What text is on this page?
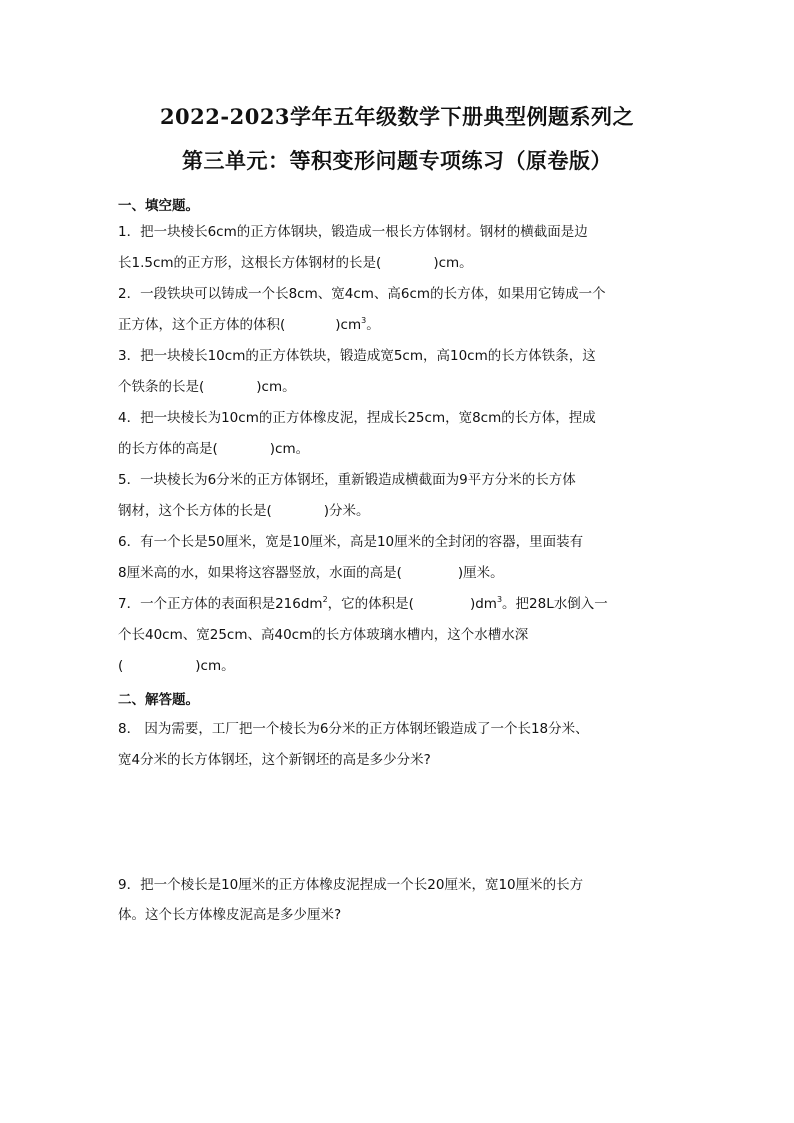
2022-2023学年五年级数学下册典型例题系列之
第三单元：等积变形问题专项练习（原卷版）
一、填空题。
1．把一块棱长6cm的正方体钢块，锻造成一根长方体钢材。钢材的横截面是边
长1.5cm的正方形，这根长方体钢材的长是(	)cm。
2．一段铁块可以铸成一个长8cm、宽4cm、高6cm的长方体，如果用它铸成一个
正方体，这个正方体的体积(	)$cm^3$。
3．把一块棱长10cm的正方体铁块，锻造成宽5cm，高10cm的长方体铁条，这
个铁条的长是(	)cm。
4．把一块棱长为10cm的正方体橡皮泥，捏成长25cm，宽8cm的长方体，捏成
的长方体的高是(	)cm。
5．一块棱长为6分米的正方体钢坯，重新锻造成横截面为9平方分米的长方体
钢材，这个长方体的长是(	)分米。
6．有一个长是50厘米，宽是10厘米，高是10厘米的全封闭的容器，里面装有
8厘米高的水，如果将这容器竖放，水面的高是(	)厘米。
7．一个正方体的表面积是$216dm^2$，它的体积是(	)$dm^3$。把28L水倒入一
个长40cm、宽25cm、高40cm的长方体玻璃水槽内，这个水槽水深
(	)cm。
二、解答题。
8． 因为需要，工厂把一个棱长为6分米的正方体钢坯锻造成了一个长18分米、
宽4分米的长方体钢坯，这个新钢坯的高是多少分米?
9．把一个棱长是10厘米的正方体橡皮泥捏成一个长20厘米，宽10厘米的长方
体。这个长方体橡皮泥高是多少厘米?
